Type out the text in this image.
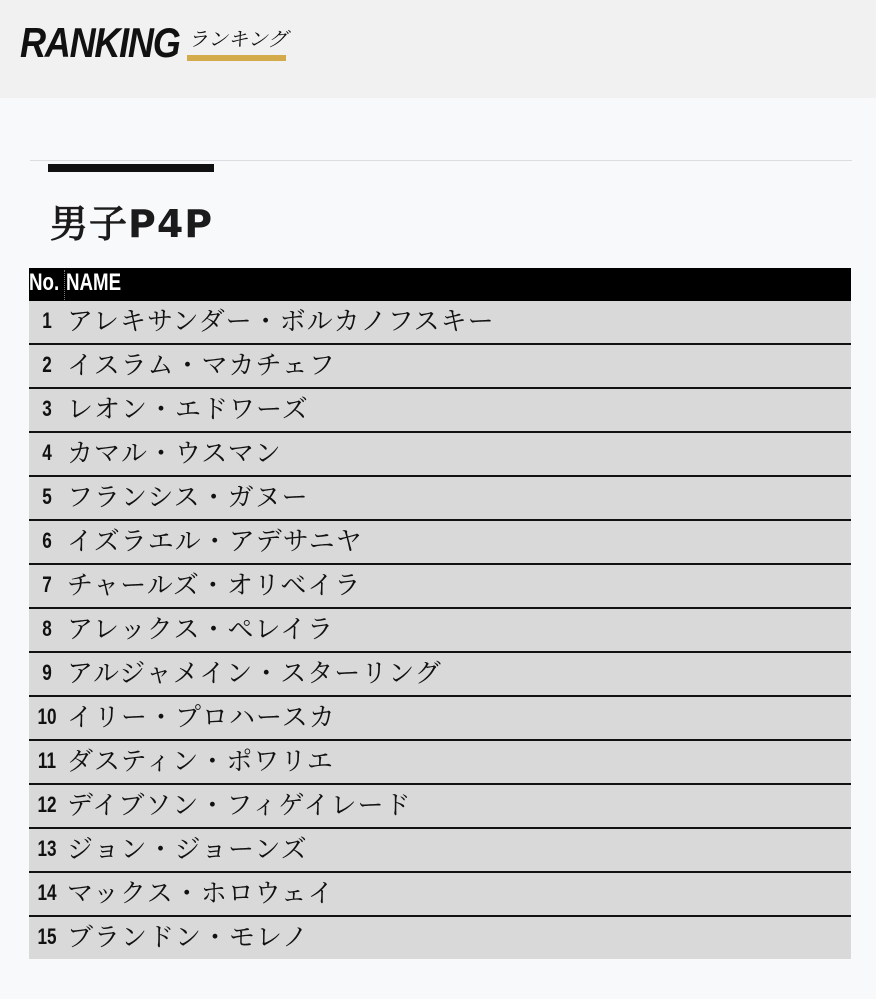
RANKING ランキング
男子P4P
No. NAME
1 アレキサンダー・ボルカノフスキー
2 イスラム・マカチェフ
3 レオン・エドワーズ
4 カマル・ウスマン
5 フランシス・ガヌー
6 イズラエル・アデサニヤ
7 チャールズ・オリベイラ
8 アレックス・ペレイラ
9 アルジャメイン・スターリング
10 イリー・プロハースカ
11 ダスティン・ポワリエ
12 デイブソン・フィゲイレード
13 ジョン・ジョーンズ
14 マックス・ホロウェイ
15 ブランドン・モレノ
